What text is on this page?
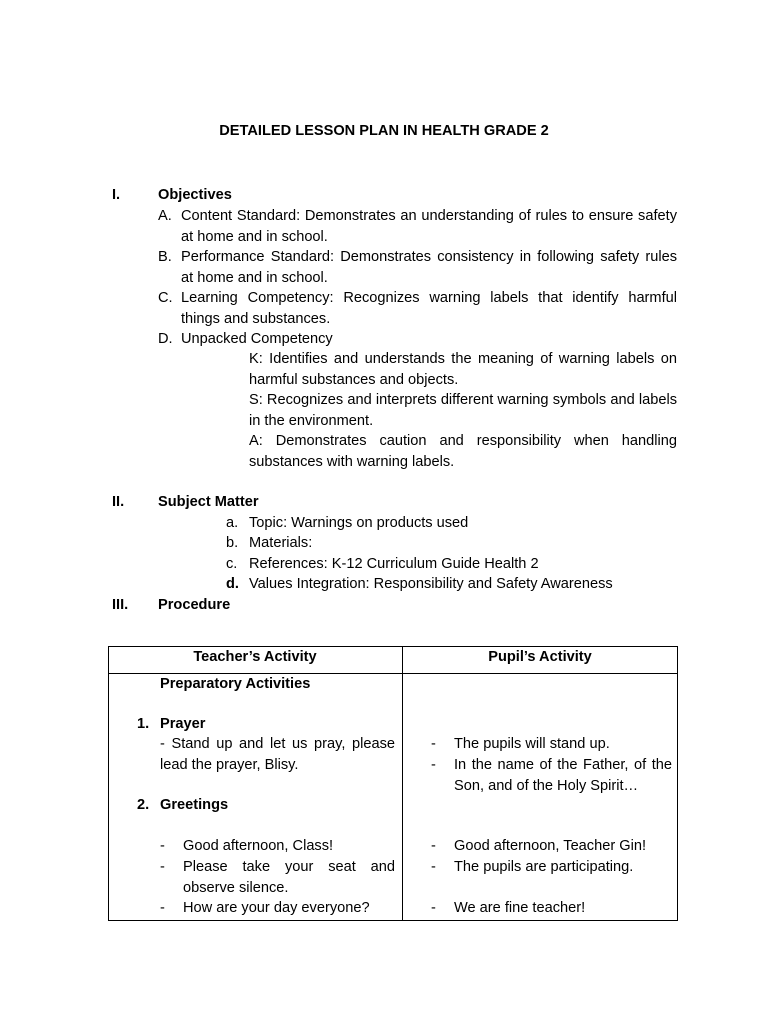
DETAILED LESSON PLAN IN HEALTH GRADE 2
I.	Objectives
A. Content Standard: Demonstrates an understanding of rules to ensure safety at home and in school.
B. Performance Standard: Demonstrates consistency in following safety rules at home and in school.
C. Learning Competency: Recognizes warning labels that identify harmful things and substances.
D. Unpacked Competency
K: Identifies and understands the meaning of warning labels on harmful substances and objects.
S: Recognizes and interprets different warning symbols and labels in the environment.
A: Demonstrates caution and responsibility when handling substances with warning labels.
II. Subject Matter
a. Topic: Warnings on products used
b. Materials:
c. References: K-12 Curriculum Guide Health 2
d. Values Integration: Responsibility and Safety Awareness
III. Procedure
Teacher’s Activity	Pupil’s Activity
Preparatory Activities
1. Prayer
- Stand up and let us pray, please lead the prayer, Blisy.
- The pupils will stand up.
- In the name of the Father, of the Son, and of the Holy Spirit…
2. Greetings
- Good afternoon, Class!
- Please take your seat and observe silence.
- How are your day everyone?
- Good afternoon, Teacher Gin!
- The pupils are participating.
- We are fine teacher!
